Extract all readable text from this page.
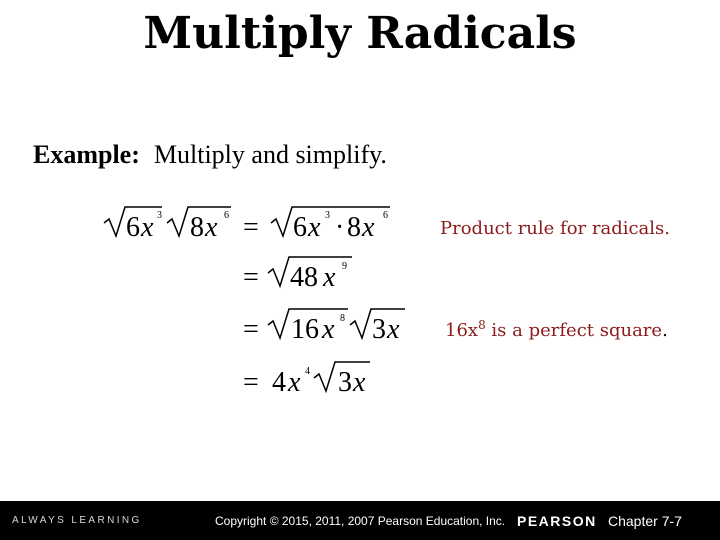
Multiply Radicals
Example: Multiply and simplify.
6 x 3 8 x 6 = 6 x 3 · 8 x 6
= 48 x 9
= 16 x 8 3 x
= 4 x 4 3 x
Product rule for radicals.
$16x^8$ is a perfect square.
ALWAYS LEARNING	Copyright © 2015, 2011, 2007 Pearson Education, Inc. PEARSON Chapter 7-7
